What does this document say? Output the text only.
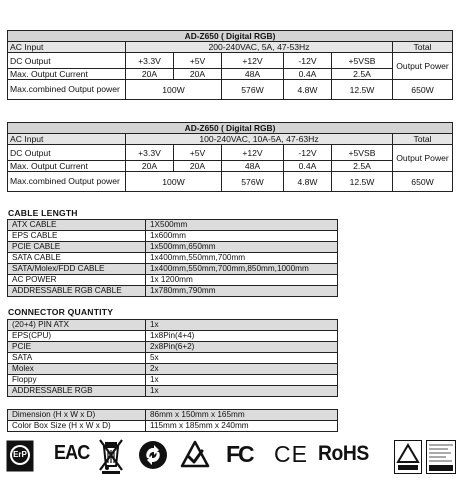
AD-Z650 ( Digital RGB)						
AC Input	200-240VAC, 5A, 47-53Hz					Total
DC Output	+3.3V	+5V	+12V	-12V	+5VSB	Output Power
Max. Output Current	20A	20A	48A	0.4A	2.5A	
Max.combined Output power	100W		576W	4.8W	12.5W	650W
AD-Z650 ( Digital RGB)						
AC Input	100-240VAC, 10A-5A, 47-63Hz					Total
DC Output	+3.3V	+5V	+12V	-12V	+5VSB	Output Power
Max. Output Current	20A	20A	48A	0.4A	2.5A	
Max.combined Output power	100W		576W	4.8W	12.5W	650W
CABLE LENGTH
ATX CABLE	1X500mm
EPS CABLE	1x600mm
PCIE CABLE	1x500mm,650mm
SATA CABLE	1x400mm,550mm,700mm
SATA/Molex/FDD CABLE	1x400mm,550mm,700mm,850mm,1000mm
AC POWER	1x 1200mm
ADDRESSABLE RGB CABLE	1x780mm,790mm
CONNECTOR QUANTITY
(20+4) PIN ATX	1x
EPS(CPU)	1x8Pin(4+4)
PCIE	2x8Pin(6+2)
SATA	5x
Molex	2x
Floppy	1x
ADDRESSABLE RGB	1x
Dimension (H x W x D)	86mm x 150mm x 165mm
Color Box Size (H x W x D)	115mm x 185mm x 240mm
ErP EAC	FC CE RoHS
